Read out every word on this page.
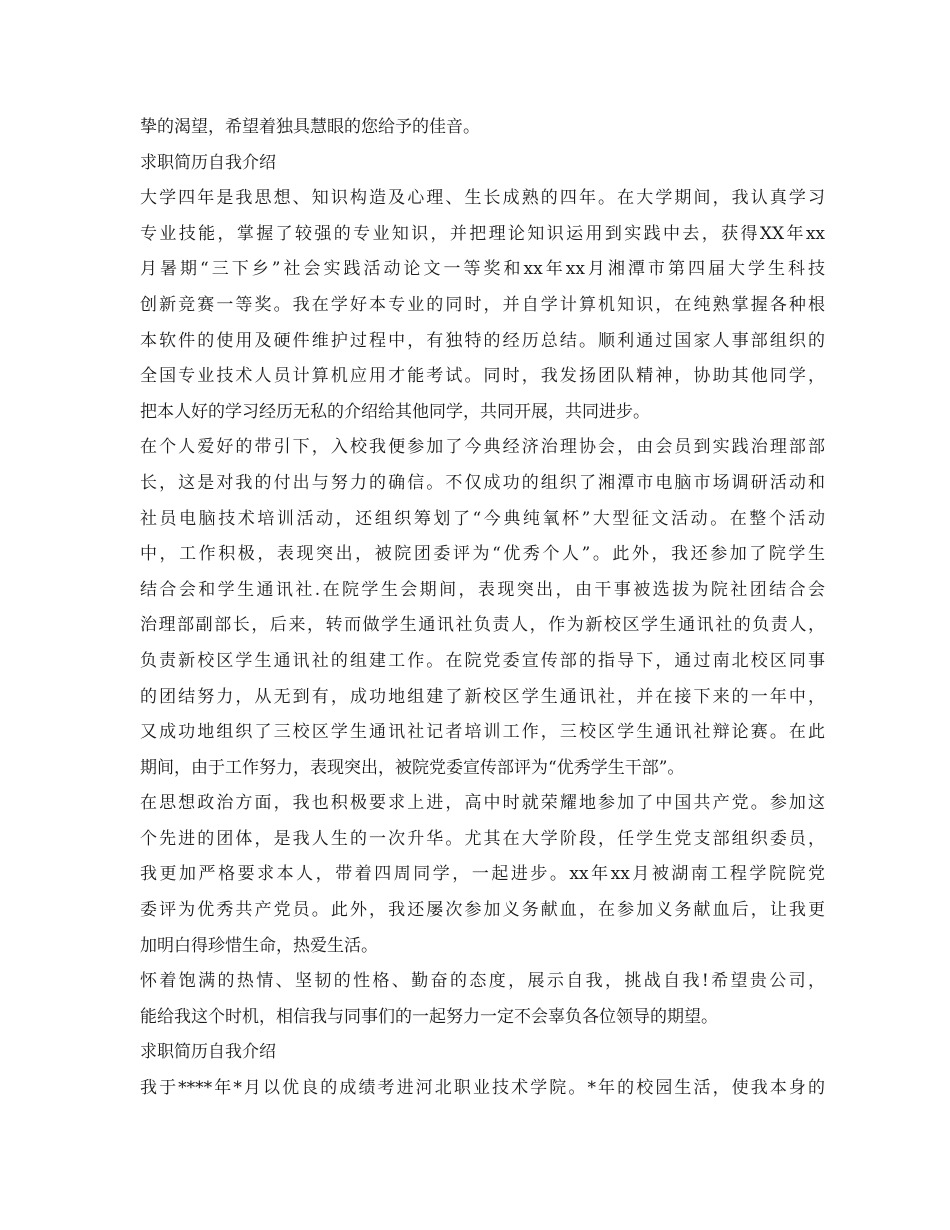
挚的渴望，希望着独具慧眼的您给予的佳音。
求职简历自我介绍
大学四年是我思想、知识构造及心理、生长成熟的四年。在大学期间，我认真学习
专业技能，掌握了较强的专业知识，并把理论知识运用到实践中去，获得XX年xx
月暑期“三下乡”社会实践活动论文一等奖和xx年xx月湘潭市第四届大学生科技
创新竞赛一等奖。我在学好本专业的同时，并自学计算机知识，在纯熟掌握各种根
本软件的使用及硬件维护过程中，有独特的经历总结。顺利通过国家人事部组织的
全国专业技术人员计算机应用才能考试。同时，我发扬团队精神，协助其他同学，
把本人好的学习经历无私的介绍给其他同学，共同开展，共同进步。
在个人爱好的带引下，入校我便参加了今典经济治理协会，由会员到实践治理部部
长，这是对我的付出与努力的确信。不仅成功的组织了湘潭市电脑市场调研活动和
社员电脑技术培训活动，还组织筹划了“今典纯氧杯”大型征文活动。在整个活动
中，工作积极，表现突出，被院团委评为“优秀个人”。此外，我还参加了院学生
结合会和学生通讯社.在院学生会期间，表现突出，由干事被选拔为院社团结合会
治理部副部长，后来，转而做学生通讯社负责人，作为新校区学生通讯社的负责人，
负责新校区学生通讯社的组建工作。在院党委宣传部的指导下，通过南北校区同事
的团结努力，从无到有，成功地组建了新校区学生通讯社，并在接下来的一年中，
又成功地组织了三校区学生通讯社记者培训工作，三校区学生通讯社辩论赛。在此
期间，由于工作努力，表现突出，被院党委宣传部评为“优秀学生干部”。
在思想政治方面，我也积极要求上进，高中时就荣耀地参加了中国共产党。参加这
个先进的团体，是我人生的一次升华。尤其在大学阶段，任学生党支部组织委员，
我更加严格要求本人，带着四周同学，一起进步。xx年xx月被湖南工程学院院党
委评为优秀共产党员。此外，我还屡次参加义务献血，在参加义务献血后，让我更
加明白得珍惜生命，热爱生活。
怀着饱满的热情、坚韧的性格、勤奋的态度，展示自我，挑战自我!希望贵公司，
能给我这个时机，相信我与同事们的一起努力一定不会辜负各位领导的期望。
求职简历自我介绍
我于****年*月以优良的成绩考进河北职业技术学院。*年的校园生活，使我本身的
